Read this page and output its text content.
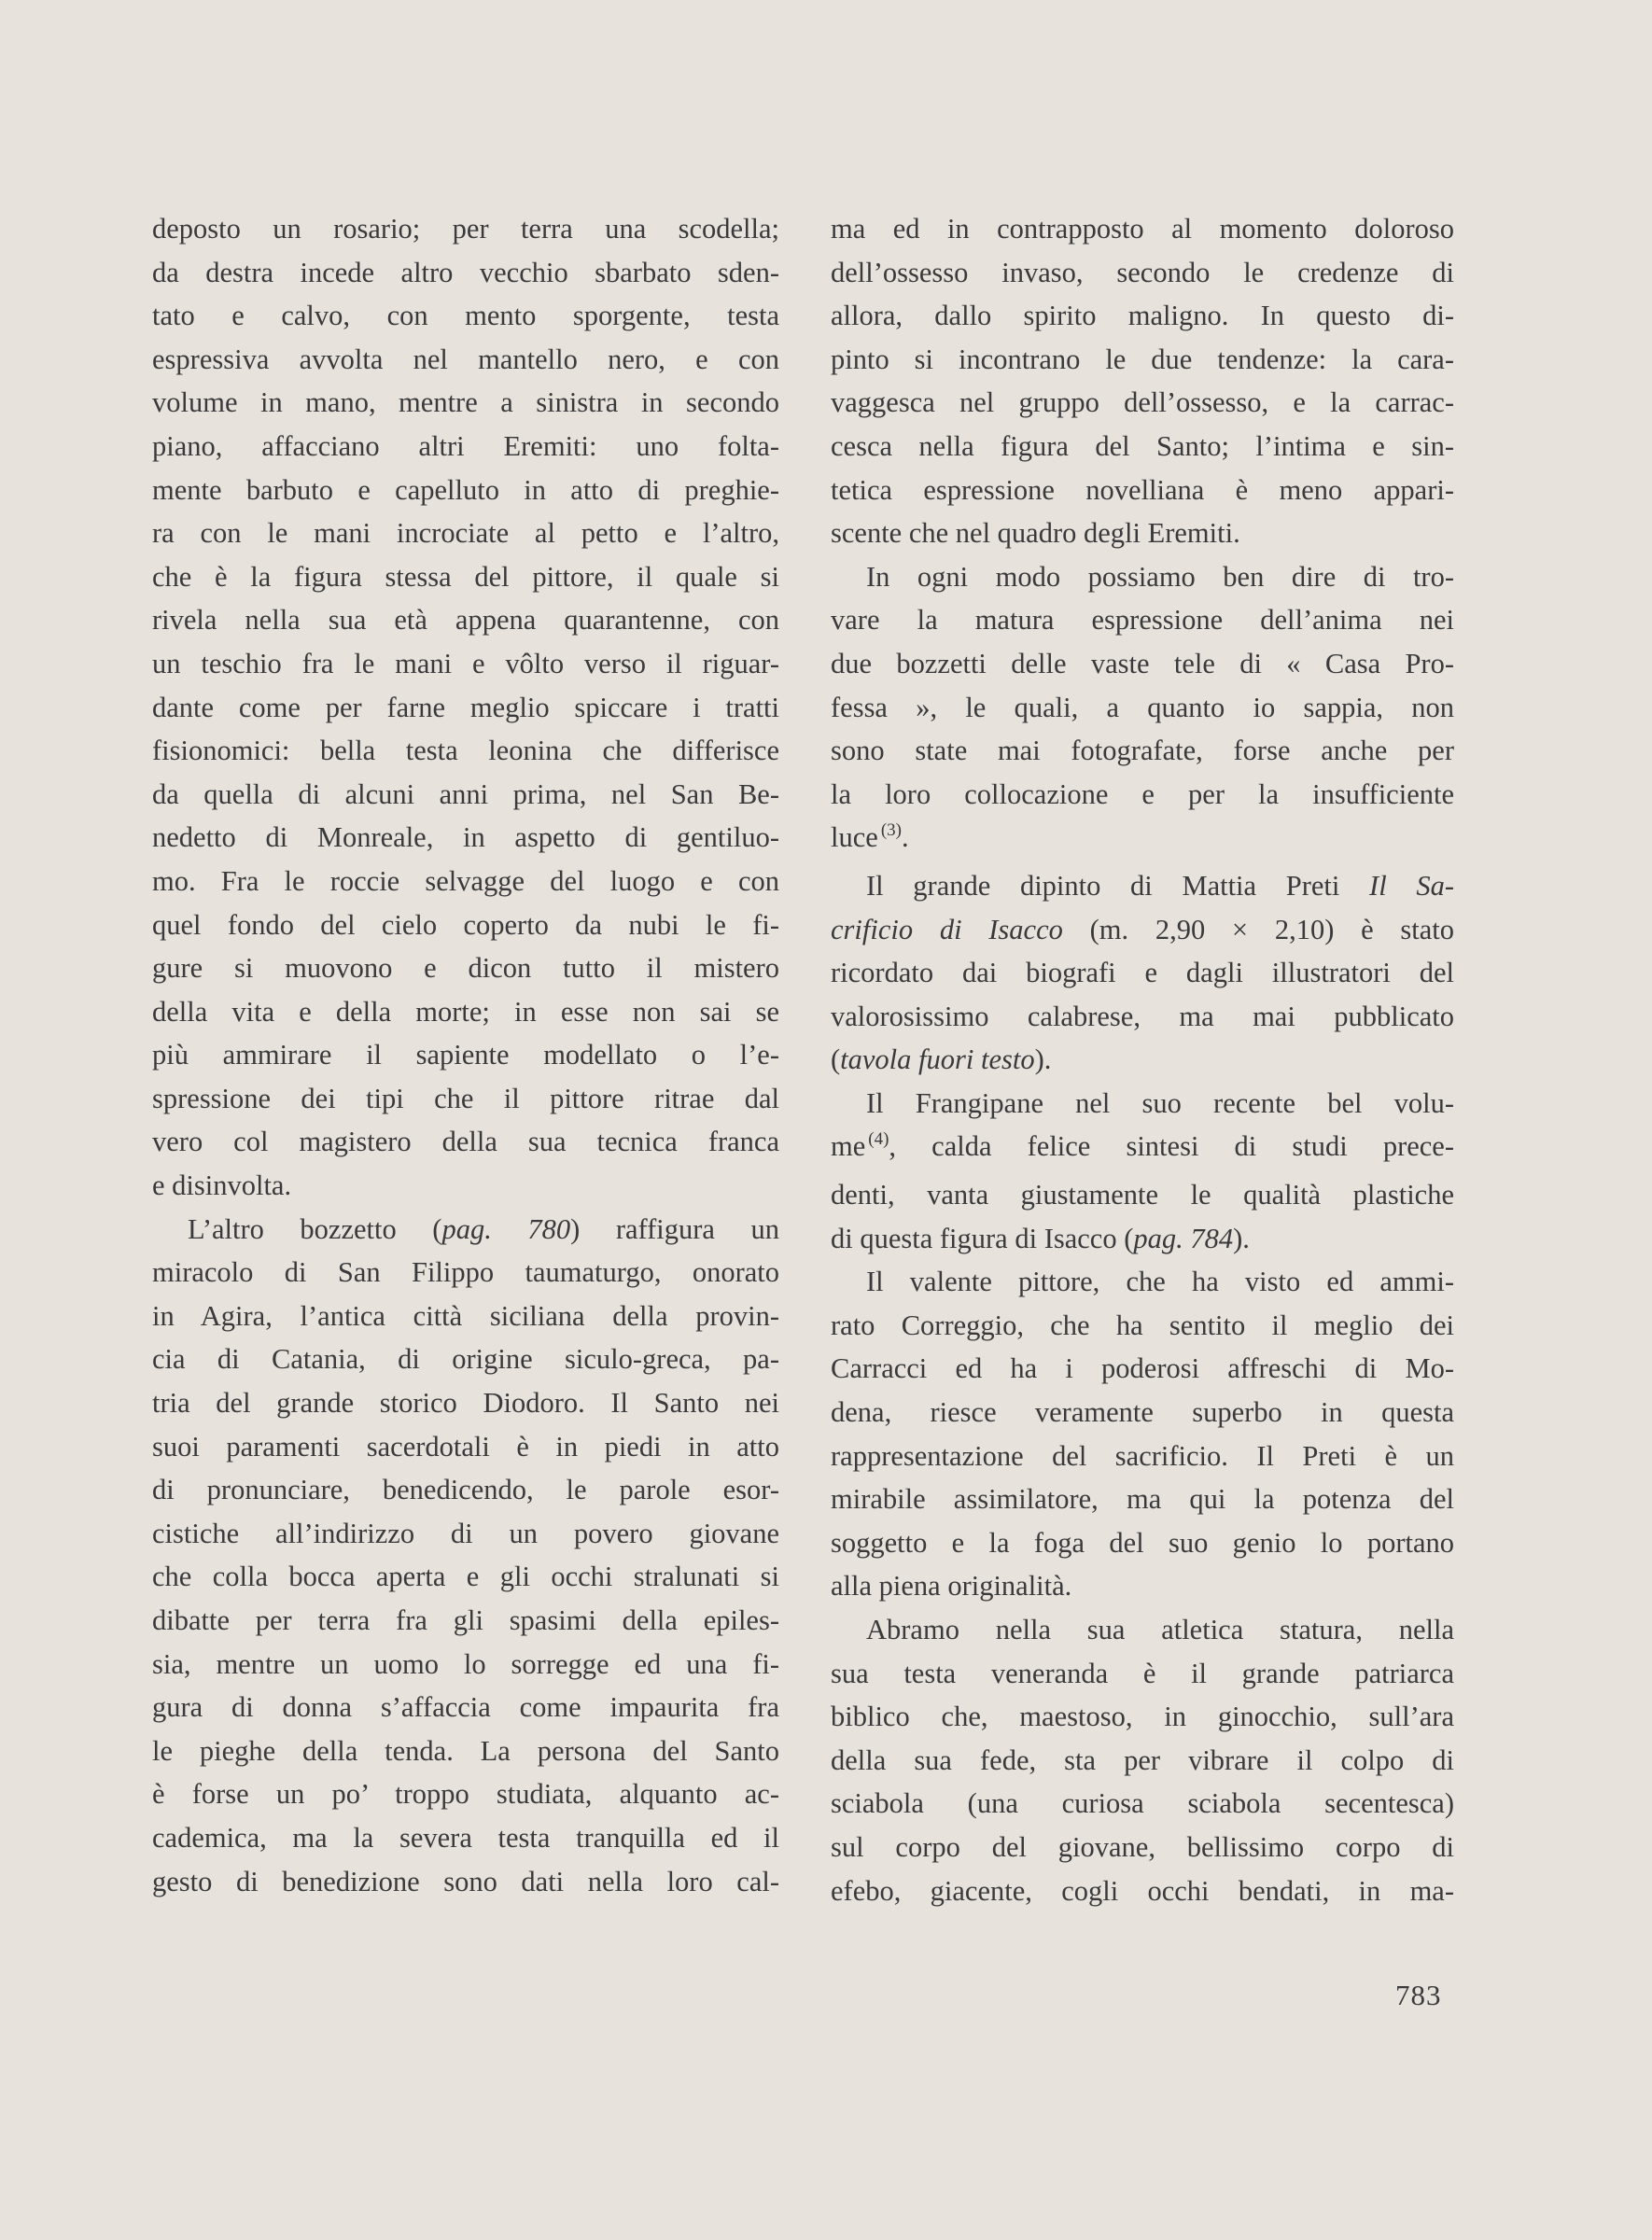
deposto un rosario; per terra una scodella;
da destra incede altro vecchio sbarbato sden-
tato e calvo, con mento sporgente, testa
espressiva avvolta nel mantello nero, e con
volume in mano, mentre a sinistra in secondo
piano, affacciano altri Eremiti: uno folta-
mente barbuto e capelluto in atto di preghie-
ra con le mani incrociate al petto e l’altro,
che è la figura stessa del pittore, il quale si
rivela nella sua età appena quarantenne, con
un teschio fra le mani e vôlto verso il riguar-
dante come per farne meglio spiccare i tratti
fisionomici: bella testa leonina che differisce
da quella di alcuni anni prima, nel San Be-
nedetto di Monreale, in aspetto di gentiluo-
mo. Fra le roccie selvagge del luogo e con
quel fondo del cielo coperto da nubi le fi-
gure si muovono e dicon tutto il mistero
della vita e della morte; in esse non sai se
più ammirare il sapiente modellato o l’e-
spressione dei tipi che il pittore ritrae dal
vero col magistero della sua tecnica franca
e disinvolta.
L’altro bozzetto (pag. 780) raffigura un
miracolo di San Filippo taumaturgo, onorato
in Agira, l’antica città siciliana della provin-
cia di Catania, di origine siculo-greca, pa-
tria del grande storico Diodoro. Il Santo nei
suoi paramenti sacerdotali è in piedi in atto
di pronunciare, benedicendo, le parole esor-
cistiche all’indirizzo di un povero giovane
che colla bocca aperta e gli occhi stralunati si
dibatte per terra fra gli spasimi della epiles-
sia, mentre un uomo lo sorregge ed una fi-
gura di donna s’affaccia come impaurita fra
le pieghe della tenda. La persona del Santo
è forse un po’ troppo studiata, alquanto ac-
cademica, ma la severa testa tranquilla ed il
gesto di benedizione sono dati nella loro cal-
ma ed in contrapposto al momento doloroso
dell’ossesso invaso, secondo le credenze di
allora, dallo spirito maligno. In questo di-
pinto si incontrano le due tendenze: la cara-
vaggesca nel gruppo dell’ossesso, e la carrac-
cesca nella figura del Santo; l’intima e sin-
tetica espressione novelliana è meno appari-
scente che nel quadro degli Eremiti.
In ogni modo possiamo ben dire di tro-
vare la matura espressione dell’anima nei
due bozzetti delle vaste tele di « Casa Pro-
fessa », le quali, a quanto io sappia, non
sono state mai fotografate, forse anche per
la loro collocazione e per la insufficiente
luce $^{(3)}$.
Il grande dipinto di Mattia Preti Il Sa-
crificio di Isacco (m. 2,90 × 2,10) è stato
ricordato dai biografi e dagli illustratori del
valorosissimo calabrese, ma mai pubblicato
(tavola fuori testo).
Il Frangipane nel suo recente bel volu-
me $^{(4)}$, calda felice sintesi di studi prece-
denti, vanta giustamente le qualità plastiche
di questa figura di Isacco (pag. 784).
Il valente pittore, che ha visto ed ammi-
rato Correggio, che ha sentito il meglio dei
Carracci ed ha i poderosi affreschi di Mo-
dena, riesce veramente superbo in questa
rappresentazione del sacrificio. Il Preti è un
mirabile assimilatore, ma qui la potenza del
soggetto e la foga del suo genio lo portano
alla piena originalità.
Abramo nella sua atletica statura, nella
sua testa veneranda è il grande patriarca
biblico che, maestoso, in ginocchio, sull’ara
della sua fede, sta per vibrare il colpo di
sciabola (una curiosa sciabola secentesca)
sul corpo del giovane, bellissimo corpo di
efebo, giacente, cogli occhi bendati, in ma-
783
